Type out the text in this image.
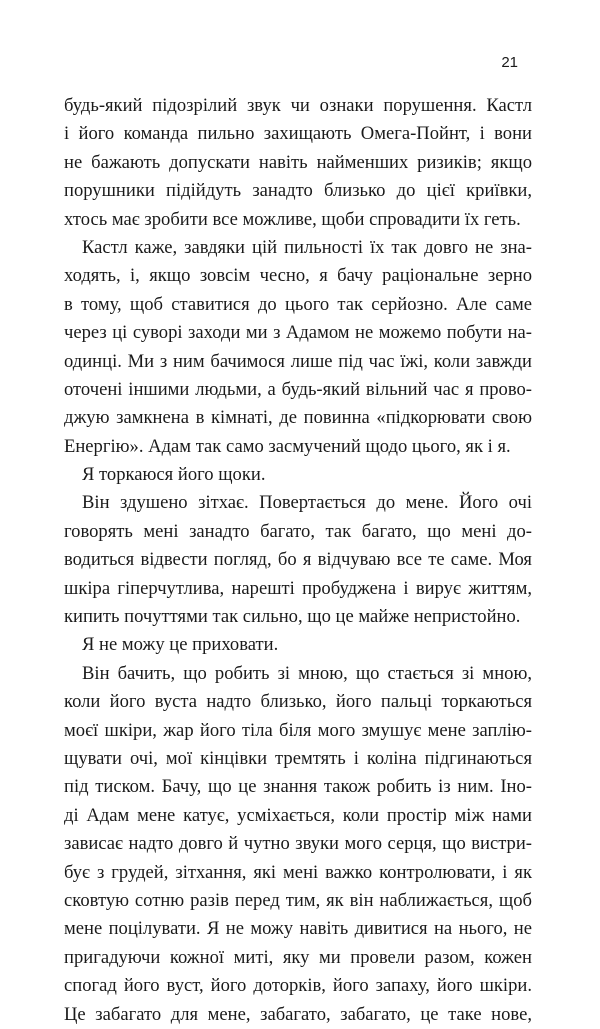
21
будь-який підозрілий звук чи ознаки порушення. Кастл
і його команда пильно захищають Омега-Пойнт, і вони
не бажають допускати навіть найменших ризиків; якщо
порушники підійдуть занадто близько до цієї криївки,
хтось має зробити все можливе, щоби спровадити їх геть.
Кастл каже, завдяки цій пильності їх так довго не зна-
ходять, і, якщо зовсім чесно, я бачу раціональне зерно
в тому, щоб ставитися до цього так серйозно. Але саме
через ці суворі заходи ми з Адамом не можемо побути на-
одинці. Ми з ним бачимося лише під час їжі, коли завжди
оточені іншими людьми, а будь-який вільний час я прово-
джую замкнена в кімнаті, де повинна «підкорювати свою
Енергію». Адам так само засмучений щодо цього, як і я.
Я торкаюся його щоки.
Він здушено зітхає. Повертається до мене. Його очі
говорять мені занадто багато, так багато, що мені до-
водиться відвести погляд, бо я відчуваю все те саме. Моя
шкіра гіперчутлива, нарешті пробуджена і вирує життям,
кипить почуттями так сильно, що це майже непристойно.
Я не можу це приховати.
Він бачить, що робить зі мною, що стається зі мною,
коли його вуста надто близько, його пальці торкаються
моєї шкіри, жар його тіла біля мого змушує мене заплію-
щувати очі, мої кінцівки тремтять і коліна підгинаються
під тиском. Бачу, що це знання також робить із ним. Іно-
ді Адам мене катує, усміхається, коли простір між нами
зависає надто довго й чутно звуки мого серця, що вистри-
бує з грудей, зітхання, які мені важко контролювати, і як
сковтую сотню разів перед тим, як він наближається, щоб
мене поцілувати. Я не можу навіть дивитися на нього, не
пригадуючи кожної миті, яку ми провели разом, кожен
спогад його вуст, його доторків, його запаху, його шкіри.
Це забагато для мене, забагато, забагато, це таке нове,
